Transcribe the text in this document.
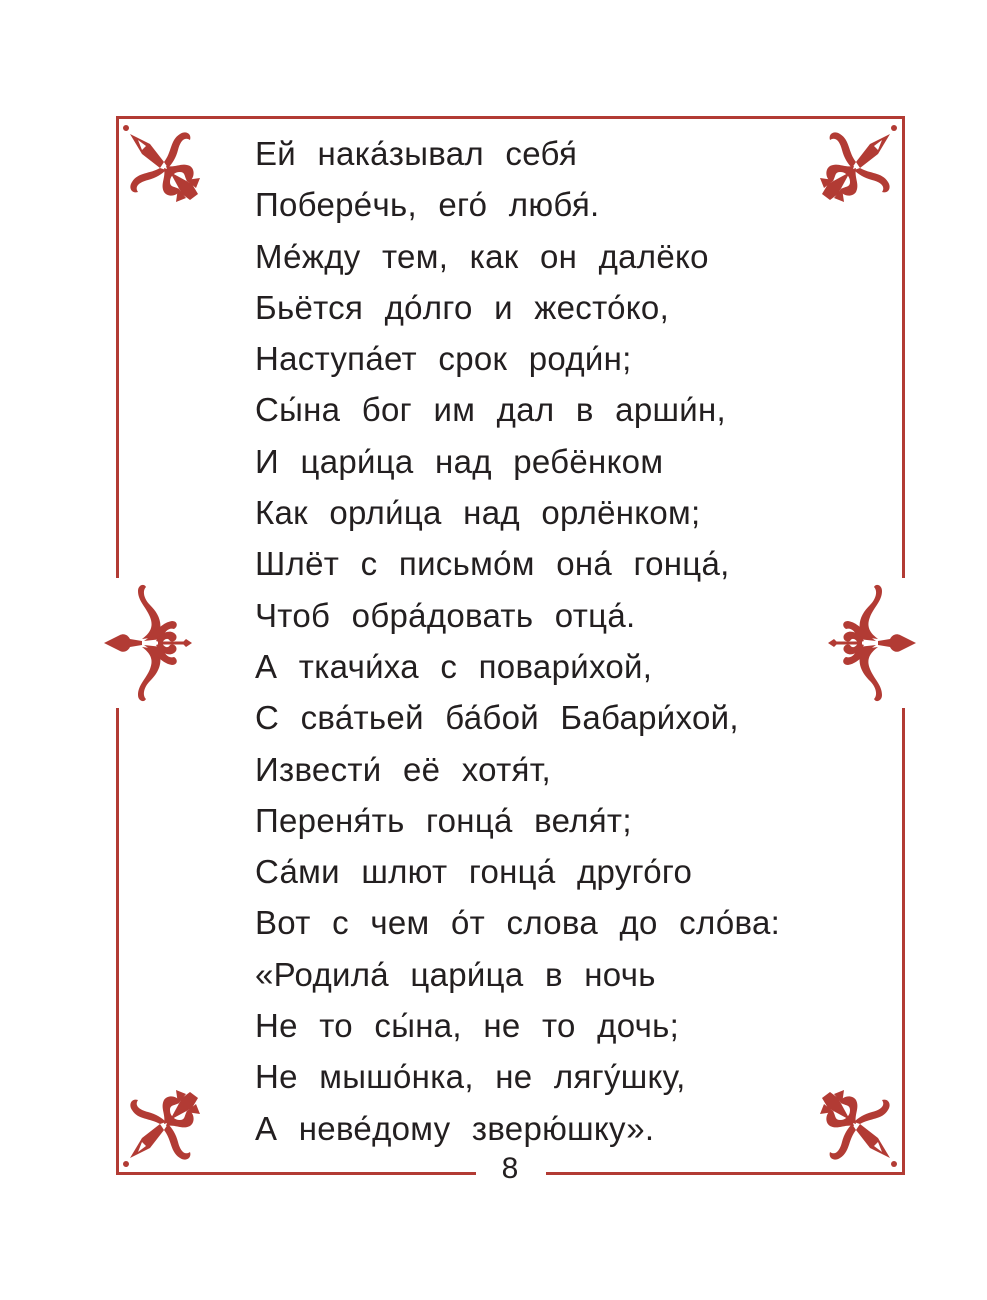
Ей нака́зывал себя́
Побере́чь, его́ любя́.
Ме́жду тем, как он далёко
Бьётся до́лго и жесто́ко,
Наступа́ет срок роди́н;
Сы́на бог им дал в арши́н,
И цари́ца над ребёнком
Как орли́ца над орлёнком;
Шлёт с письмо́м она́ гонца́,
Чтоб обра́довать отца́.
А ткачи́ха с повари́хой,
С сва́тьей ба́бой Бабари́хой,
Извести́ её хотя́т,
Переня́ть гонца́ веля́т;
Са́ми шлют гонца́ друго́го
Вот с чем о́т слова до сло́ва:
«Родила́ цари́ца в ночь
Не то сы́на, не то дочь;
Не мышо́нка, не лягу́шку,
А неве́дому зверю́шку».
8
